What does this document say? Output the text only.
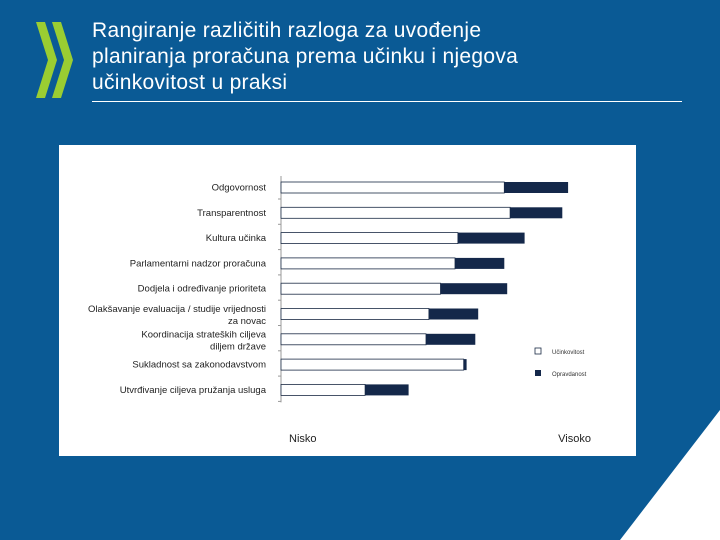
Rangiranje različitih razloga za uvođenje
planiranja proračuna prema učinku i njegova
učinkovitost u praksi
Odgovornost
Transparentnost
Kultura učinka
Parlamentarni nadzor proračuna
Dodjela i određivanje prioriteta
Olakšavanje evaluacija / studije vrijednosti
za novac
Koordinacija strateških ciljeva
diljem države
Sukladnost sa zakonodavstvom
Utvrđivanje ciljeva pružanja usluga
Nisko	Visoko
Učinkovitost
Opravdanost
